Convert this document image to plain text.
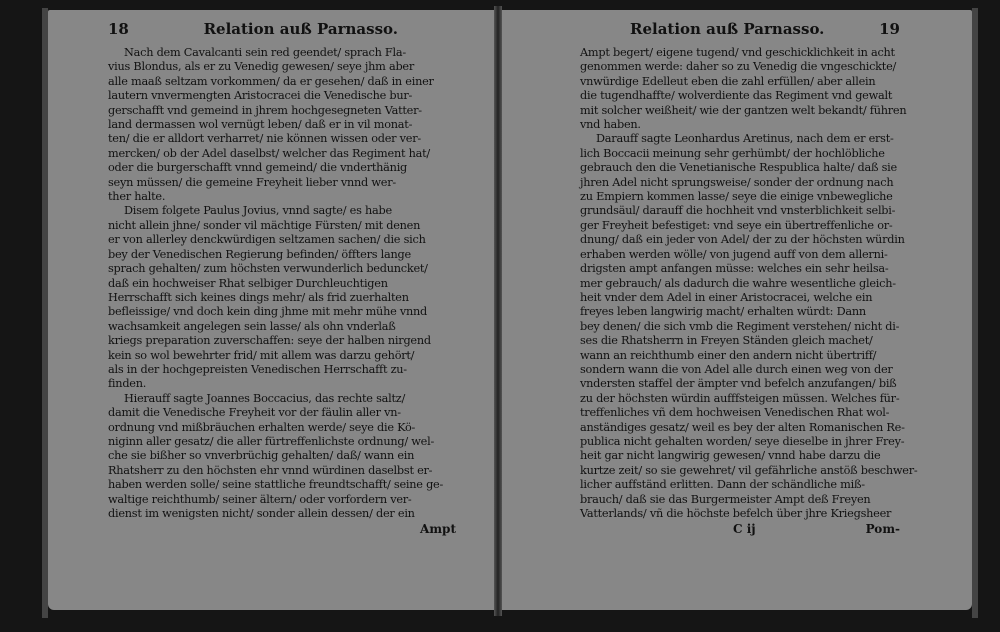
18	Relation auß Parnasso.
Nach dem Cavalcanti sein red geendet/ sprach Fla-
vius Blondus, als er zu Venedig gewesen/ seye jhm aber
alle maaß seltzam vorkommen/ da er gesehen/ daß in einer
lautern vnvermengten Aristocracei die Venedische bur-
gerschafft vnd gemeind in jhrem hochgesegneten Vatter-
land dermassen wol vernügt leben/ daß er in vil monat-
ten/ die er alldort verharret/ nie können wissen oder ver-
mercken/ ob der Adel daselbst/ welcher das Regiment hat/
oder die burgerschafft vnnd gemeind/ die vnderthänig
seyn müssen/ die gemeine Freyheit lieber vnnd wer-
ther halte.
Disem folgete Paulus Jovius, vnnd sagte/ es habe
nicht allein jhne/ sonder vil mächtige Fürsten/ mit denen
er von allerley denckwürdigen seltzamen sachen/ die sich
bey der Venedischen Regierung befinden/ öffters lange
sprach gehalten/ zum höchsten verwunderlich beduncket/
daß ein hochweiser Rhat selbiger Durchleuchtigen
Herrschafft sich keines dings mehr/ als frid zuerhalten
befleissige/ vnd doch kein ding jhme mit mehr mühe vnnd
wachsamkeit angelegen sein lasse/ als ohn vnderlaß
kriegs preparation zuverschaffen: seye der halben nirgend
kein so wol bewehrter frid/ mit allem was darzu gehört/
als in der hochgepreisten Venedischen Herrschafft zu-
finden.
Hierauff sagte Joannes Boccacius, das rechte saltz/
damit die Venedische Freyheit vor der fäulin aller vn-
ordnung vnd mißbräuchen erhalten werde/ seye die Kö-
niginn aller gesatz/ die aller fürtreffenlichste ordnung/ wel-
che sie bißher so vnverbrüchig gehalten/ daß/ wann ein
Rhatsherr zu den höchsten ehr vnnd würdinen daselbst er-
haben werden solle/ seine stattliche freundtschafft/ seine ge-
waltige reichthumb/ seiner ältern/ oder vorfordern ver-
dienst im wenigsten nicht/ sonder allein dessen/ der ein
Ampt
Relation auß Parnasso.	19
Ampt begert/ eigene tugend/ vnd geschicklichkeit in acht
genommen werde: daher so zu Venedig die vngeschickte/
vnwürdige Edelleut eben die zahl erfüllen/ aber allein
die tugendhaffte/ wolverdiente das Regiment vnd gewalt
mit solcher weißheit/ wie der gantzen welt bekandt/ führen
vnd haben.
Darauff sagte Leonhardus Aretinus, nach dem er erst-
lich Boccacii meinung sehr gerhümbt/ der hochlöbliche
gebrauch den die Venetianische Respublica halte/ daß sie
jhren Adel nicht sprungsweise/ sonder der ordnung nach
zu Empiern kommen lasse/ seye die einige vnbewegliche
grundsäul/ darauff die hochheit vnd vnsterblichkeit selbi-
ger Freyheit befestiget: vnd seye ein übertreffenliche or-
dnung/ daß ein jeder von Adel/ der zu der höchsten würdin
erhaben werden wölle/ von jugend auff von dem allerni-
drigsten ampt anfangen müsse: welches ein sehr heilsa-
mer gebrauch/ als dadurch die wahre wesentliche gleich-
heit vnder dem Adel in einer Aristocracei, welche ein
freyes leben langwirig macht/ erhalten würdt: Dann
bey denen/ die sich vmb die Regiment verstehen/ nicht di-
ses die Rhatsherrn in Freyen Ständen gleich machet/
wann an reichthumb einer den andern nicht übertriff/
sondern wann die von Adel alle durch einen weg von der
vndersten staffel der ämpter vnd befelch anzufangen/ biß
zu der höchsten würdin aufffsteigen müssen. Welches für-
treffenliches vñ dem hochweisen Venedischen Rhat wol-
anständiges gesatz/ weil es bey der alten Romanischen Re-
publica nicht gehalten worden/ seye dieselbe in jhrer Frey-
heit gar nicht langwirig gewesen/ vnnd habe darzu die
kurtze zeit/ so sie gewehret/ vil gefährliche anstöß beschwer-
licher auffständ erlitten. Dann der schändliche miß-
brauch/ daß sie das Burgermeister Ampt deß Freyen
Vatterlands/ vñ die höchste befelch über jhre Kriegsheer
C ij	Pom-
